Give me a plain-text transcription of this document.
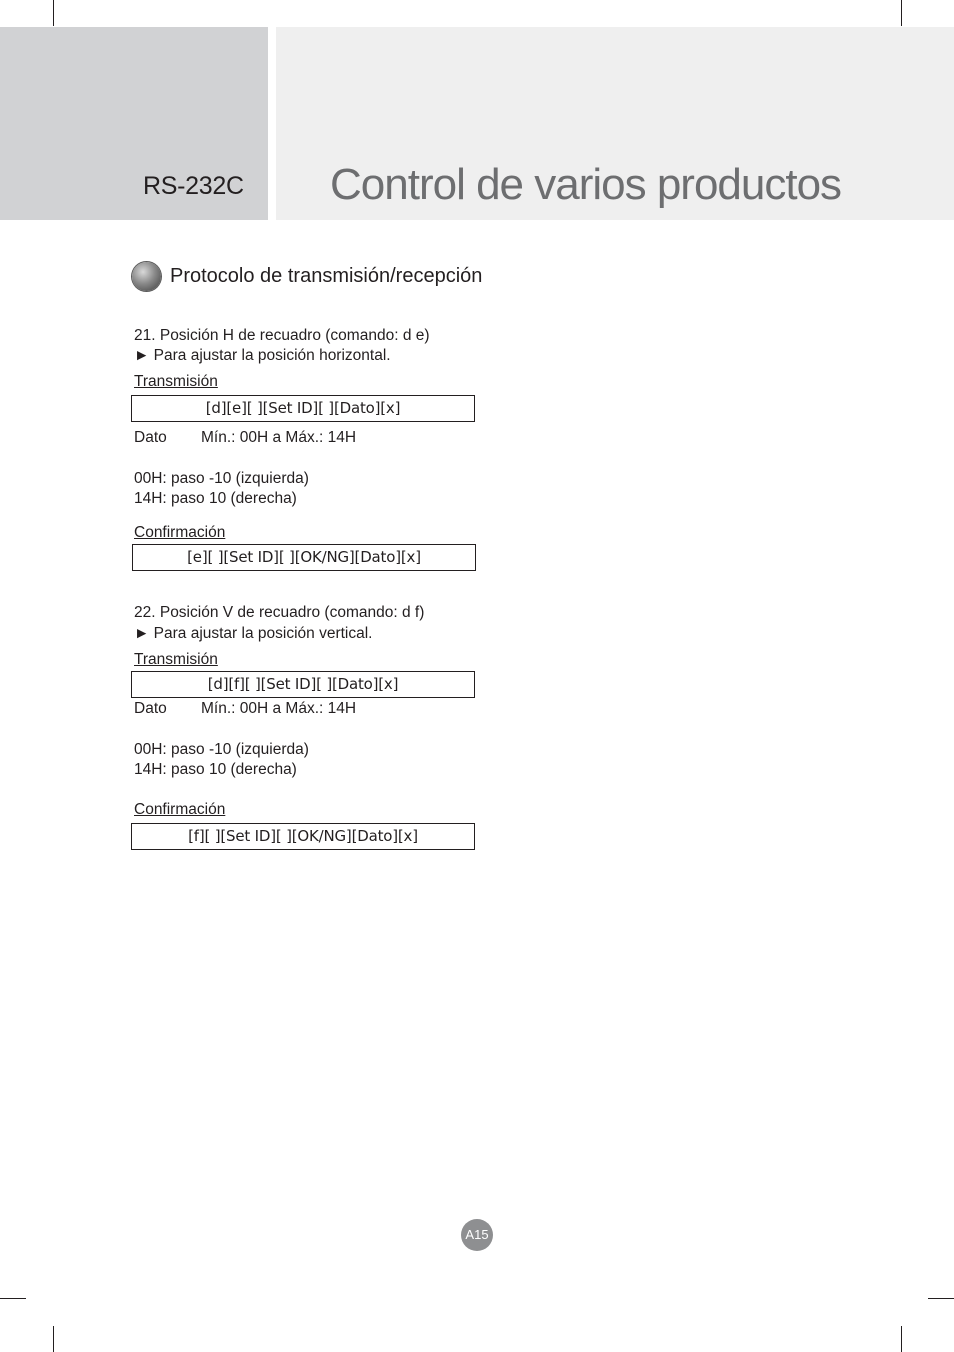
RS-232C Control de varios productos
Protocolo de transmisión/recepción
21. Posición H de recuadro (comando: d e)
► Para ajustar la posición horizontal.
Transmisión
[d][e][ ][Set ID][ ][Dato][x]
Dato Mín.: 00H a Máx.: 14H
00H: paso -10 (izquierda)
14H: paso 10 (derecha)
Confirmación
[e][ ][Set ID][ ][OK/NG][Dato][x]
22. Posición V de recuadro (comando: d f)
► Para ajustar la posición vertical.
Transmisión
[d][f][ ][Set ID][ ][Dato][x]
Dato Mín.: 00H a Máx.: 14H
00H: paso -10 (izquierda)
14H: paso 10 (derecha)
Confirmación
[f][ ][Set ID][ ][OK/NG][Dato][x]
A15
